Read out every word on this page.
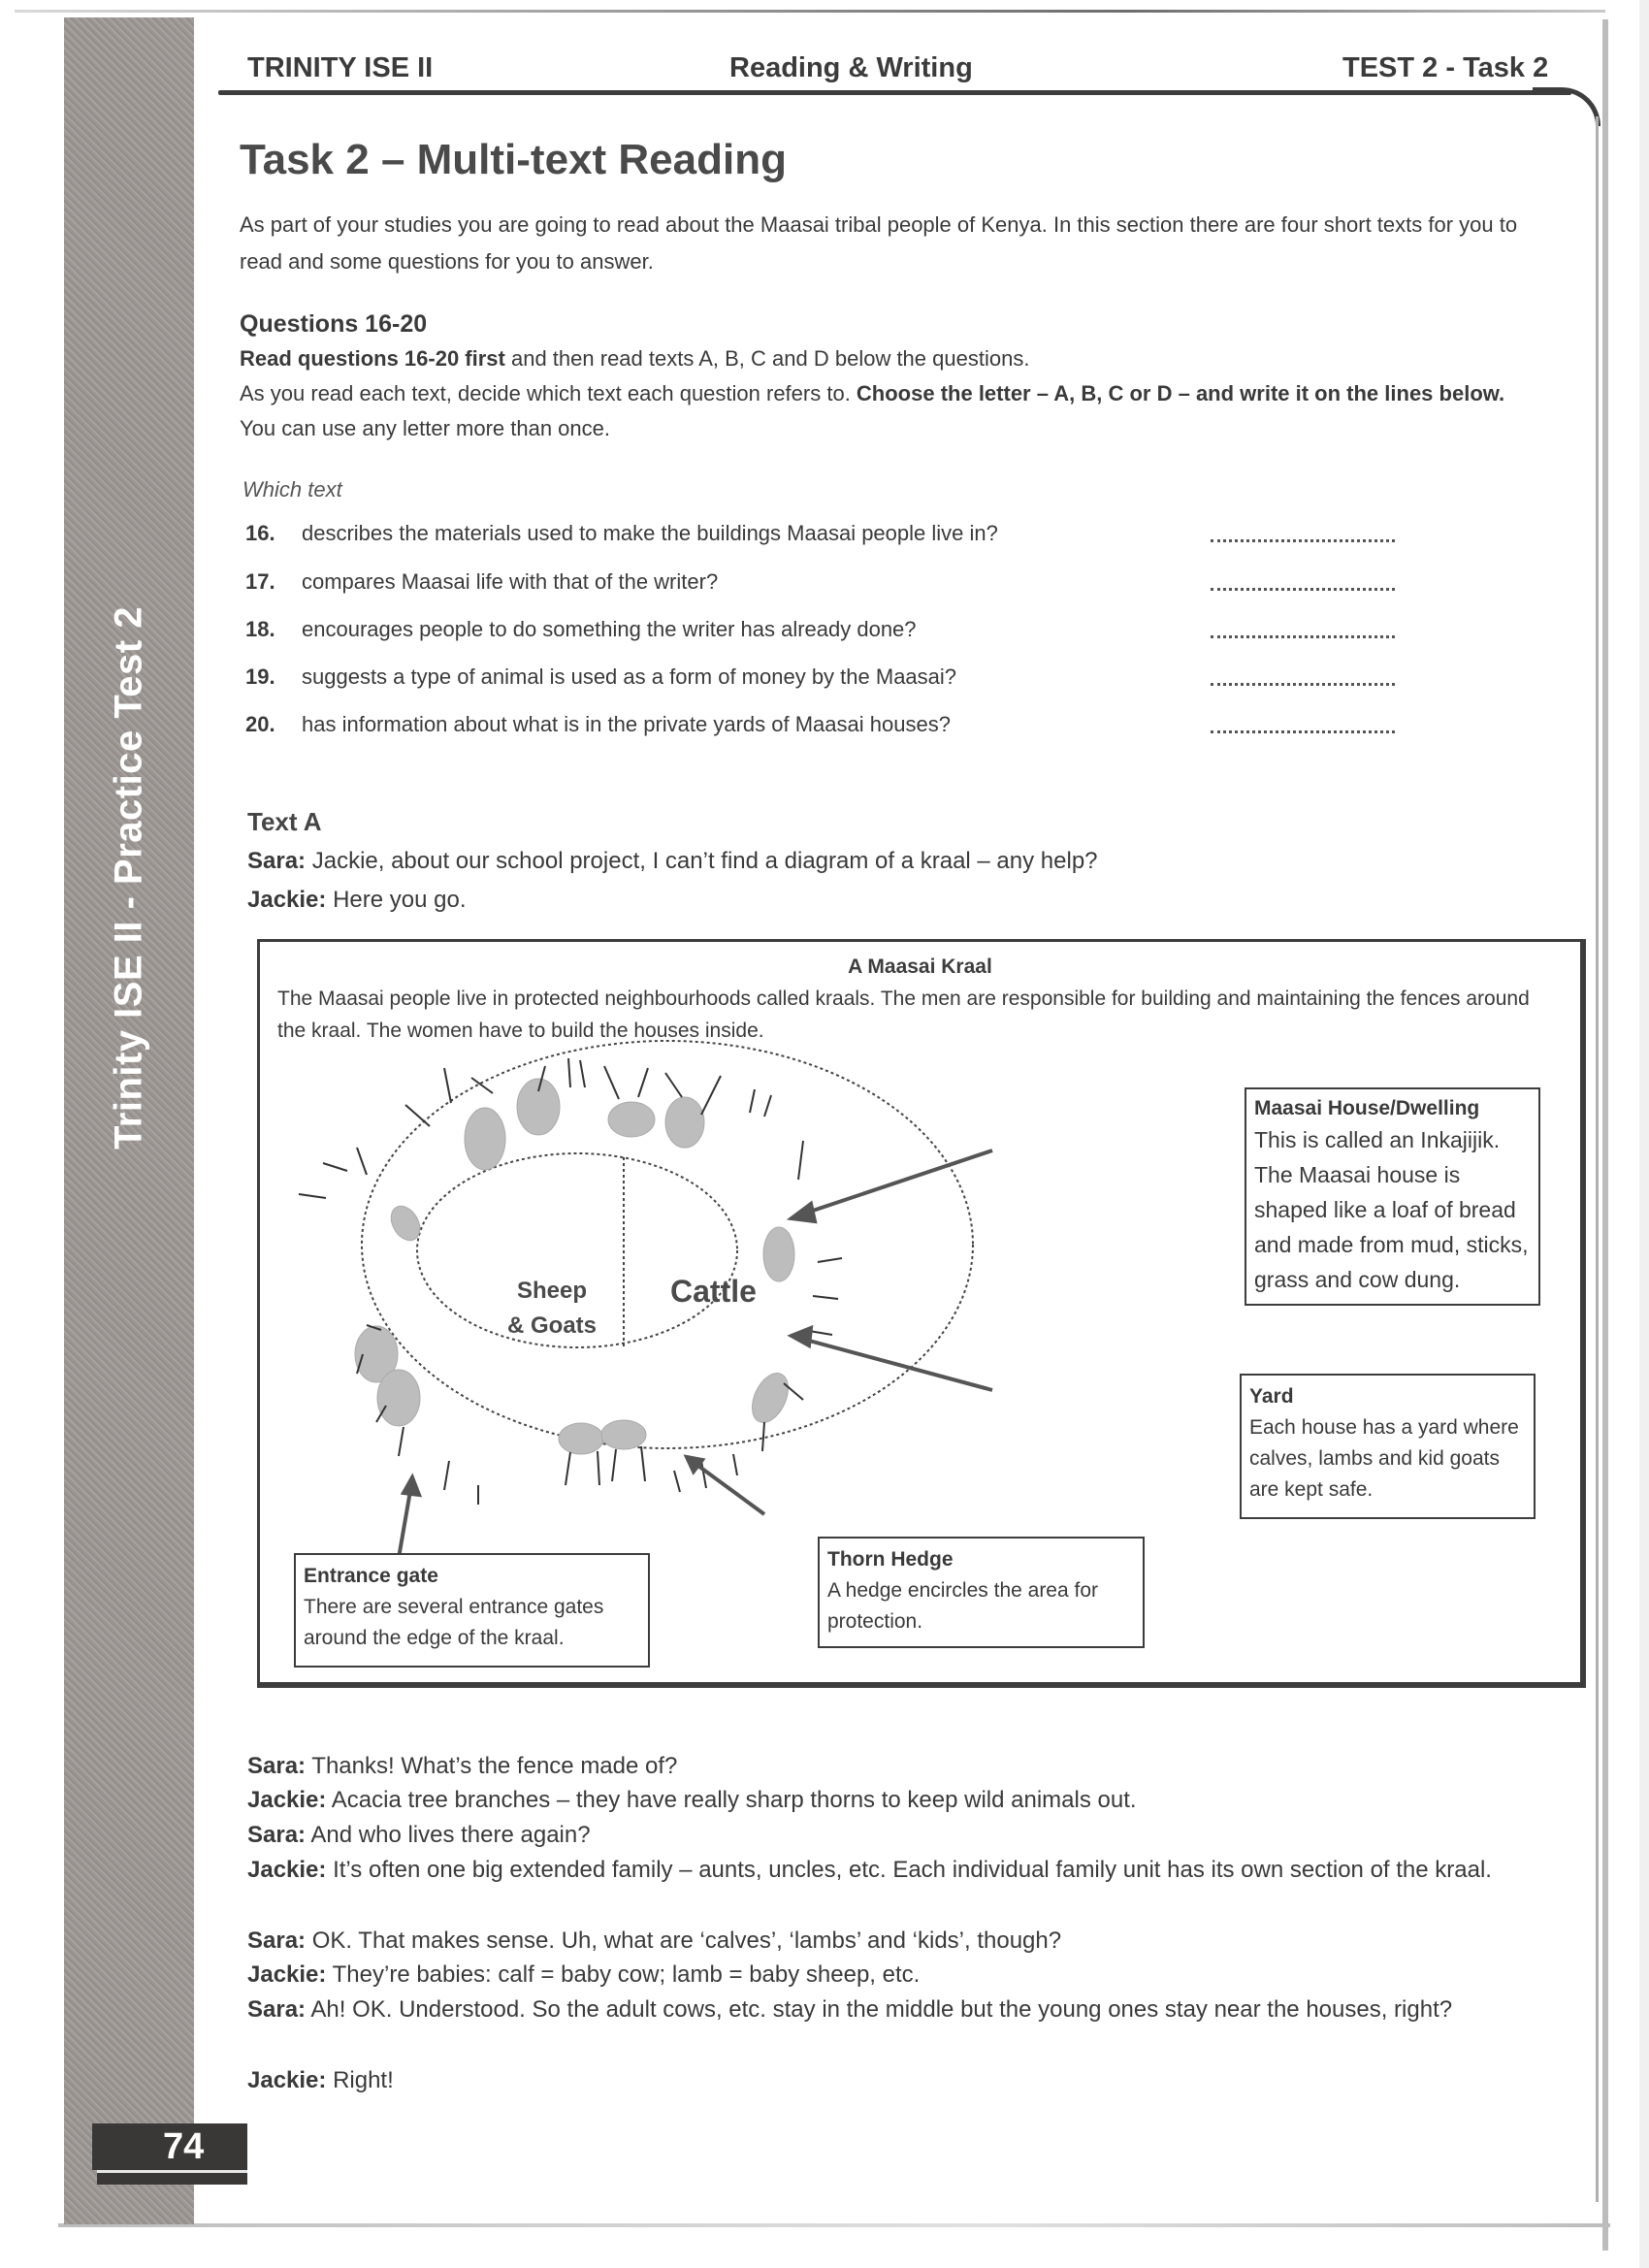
Trinity ISE II - Practice Test 2
74
TRINITY ISE II	Reading & Writing	TEST 2 - Task 2
Task 2 – Multi-text Reading
As part of your studies you are going to read about the Maasai tribal people of Kenya. In this section there are four short texts for you to read and some questions for you to answer.
Questions 16-20
Read questions 16-20 first and then read texts A, B, C and D below the questions.
As you read each text, decide which text each question refers to. Choose the letter – A, B, C or D – and write it on the lines below. You can use any letter more than once.
Which text
16. describes the materials used to make the buildings Maasai people live in?
17. compares Maasai life with that of the writer?
18. encourages people to do something the writer has already done?
19. suggests a type of animal is used as a form of money by the Maasai?
20. has information about what is in the private yards of Maasai houses?
Text A
Sara: Jackie, about our school project, I can’t find a diagram of a kraal – any help?
Jackie: Here you go.
A Maasai Kraal
The Maasai people live in protected neighbourhoods called kraals. The men are responsible for building and maintaining the fences around the kraal. The women have to build the houses inside.
Sheep
& Goats
Cattle
Maasai House/Dwelling
This is called an Inkajijik. The Maasai house is shaped like a loaf of bread and made from mud, sticks, grass and cow dung.
Yard
Each house has a yard where calves, lambs and kid goats are kept safe.
Thorn Hedge
A hedge encircles the area for protection.
Entrance gate
There are several entrance gates around the edge of the kraal.
Sara: Thanks! What’s the fence made of?
Jackie: Acacia tree branches – they have really sharp thorns to keep wild animals out.
Sara: And who lives there again?
Jackie: It’s often one big extended family – aunts, uncles, etc. Each individual family unit has its own section of the kraal.
Sara: OK. That makes sense. Uh, what are ‘calves’, ‘lambs’ and ‘kids’, though?
Jackie: They’re babies: calf = baby cow; lamb = baby sheep, etc.
Sara: Ah! OK. Understood. So the adult cows, etc. stay in the middle but the young ones stay near the houses, right?
Jackie: Right!
